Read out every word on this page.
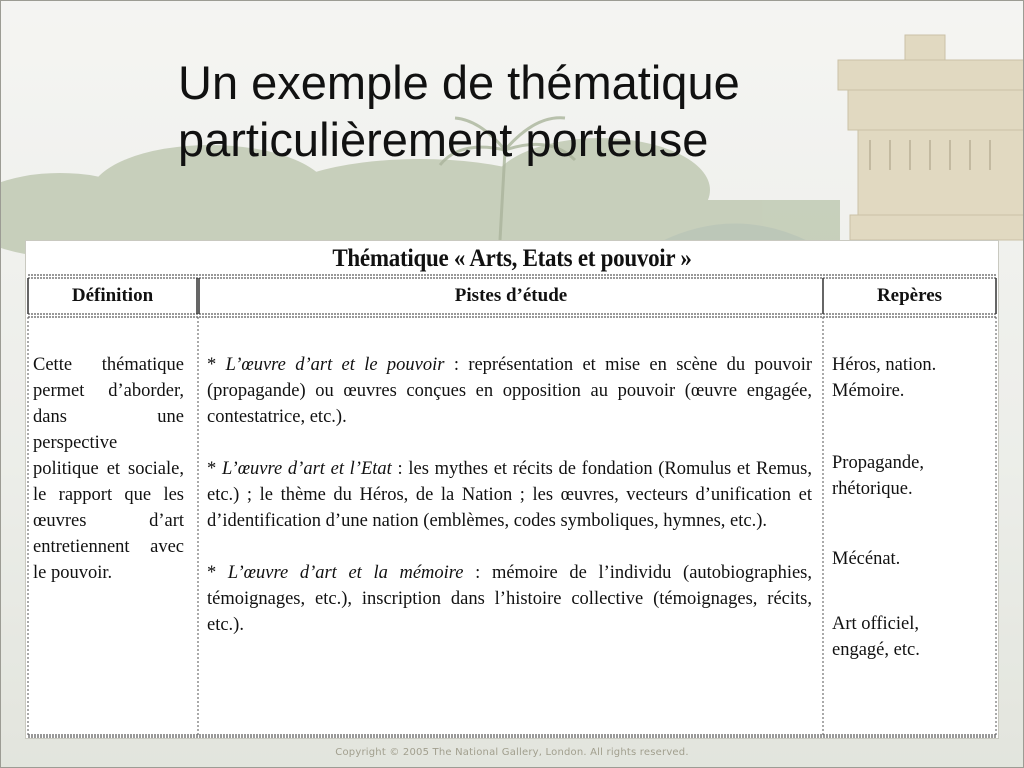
Un exemple de thématique
particulièrement porteuse
Thématique « Arts, Etats et pouvoir »
Définition	Pistes d’étude	Repères

Cette thématique permet d’aborder, dans une perspective politique et sociale, le rapport que les œuvres d’art entretiennent avec le pouvoir.

* L’œuvre d’art et le pouvoir : représentation et mise en scène du pouvoir (propagande) ou œuvres conçues en opposition au pouvoir (œuvre engagée, contestatrice, etc.).

* L’œuvre d’art et l’Etat : les mythes et récits de fondation (Romulus et Remus, etc.) ; le thème du Héros, de la Nation ; les œuvres, vecteurs d’unification et d’identification d’une nation (emblèmes, codes symboliques, hymnes, etc.).

* L’œuvre d’art et la mémoire : mémoire de l’individu (autobiographies, témoignages, etc.), inscription dans l’histoire collective (témoignages, récits, etc.).

Héros, nation. Mémoire.

Propagande, rhétorique.

Mécénat.

Art officiel, engagé, etc.

Copyright © 2005 The National Gallery, London. All rights reserved.
